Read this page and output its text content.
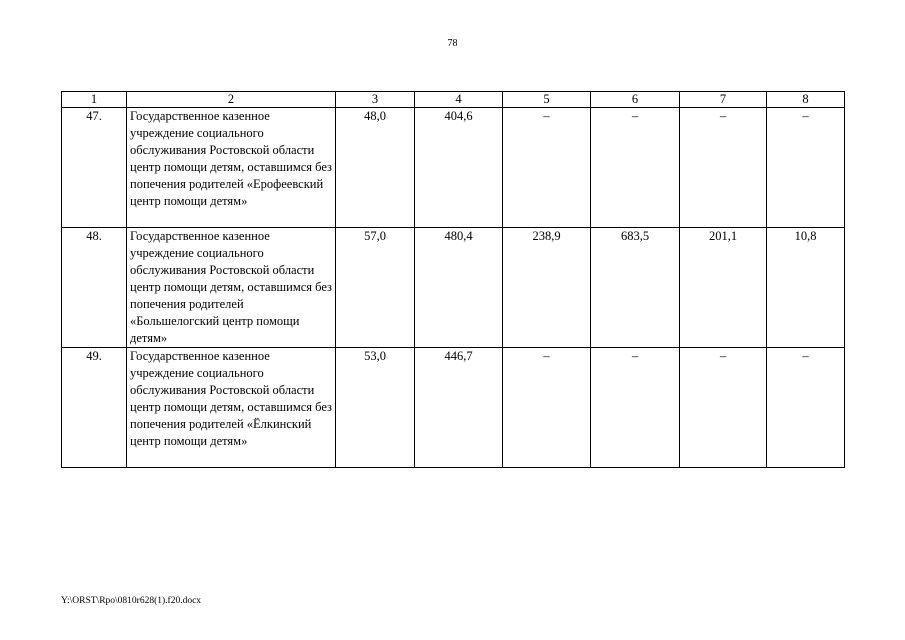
78
1	2	3	4	5	6	7	8
47.	Государственное казенное учреждение социального обслуживания Ростовской области центр помощи детям, оставшимся без попечения родителей «Ерофеевский центр помощи детям»	48,0	404,6	–	–	–	–
48.	Государственное казенное учреждение социального обслуживания Ростовской области центр помощи детям, оставшимся без попечения родителей «Большелогский центр помощи детям»	57,0	480,4	238,9	683,5	201,1	10,8
49.	Государственное казенное учреждение социального обслуживания Ростовской области центр помощи детям, оставшимся без попечения родителей «Ёлкинский центр помощи детям»	53,0	446,7	–	–	–	–
Y:\ORST\Rpo\0810r628(1).f20.docx
